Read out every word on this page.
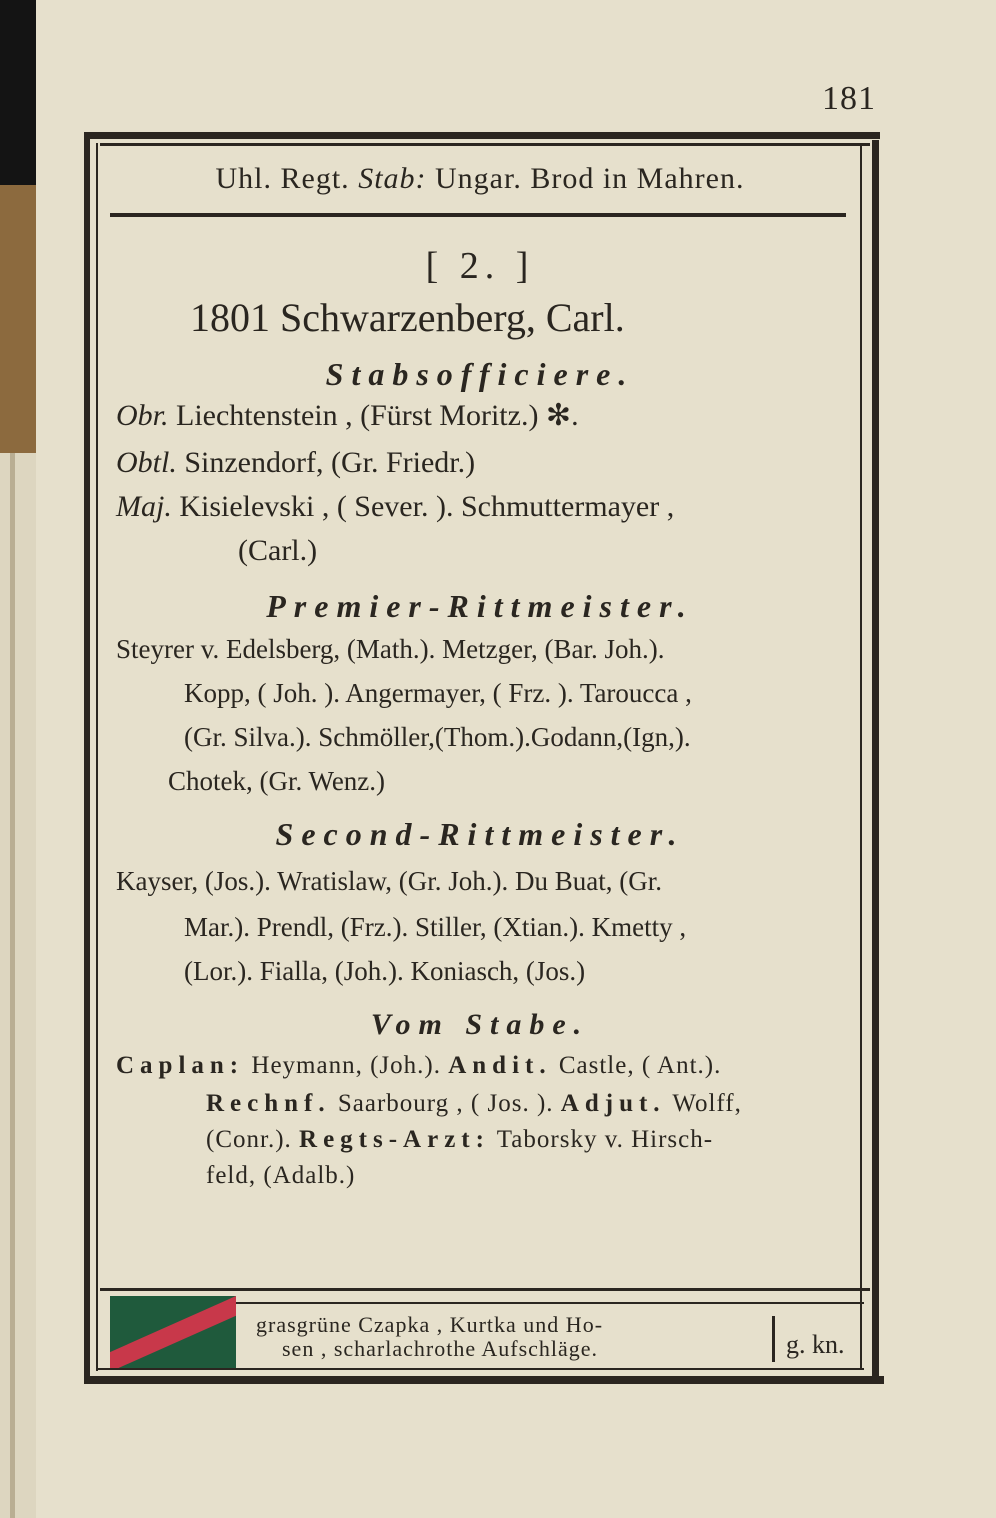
181
Uhl. Regt. Stab: Ungar. Brod in Mahren.
[ 2. ]
1801 Schwarzenberg, Carl.
Stabsofficiere.
Obr. Liechtenstein , (Fürst Moritz.) ✻.
Obtl. Sinzendorf, (Gr. Friedr.)
Maj. Kisielevski , ( Sever. ). Schmuttermayer ,
(Carl.)
Premier-Rittmeister.
Steyrer v. Edelsberg, (Math.). Metzger, (Bar. Joh.).
Kopp, ( Joh. ). Angermayer, ( Frz. ). Taroucca ,
(Gr. Silva.). Schmöller,(Thom.).Godann,(Ign,).
Chotek, (Gr. Wenz.)
Second-Rittmeister.
Kayser, (Jos.). Wratislaw, (Gr. Joh.). Du Buat, (Gr.
Mar.). Prendl, (Frz.). Stiller, (Xtian.). Kmetty ,
(Lor.). Fialla, (Joh.). Koniasch, (Jos.)
Vom Stabe.
Caplan: Heymann, (Joh.). Andit. Castle, ( Ant.).
Rechnf. Saarbourg , ( Jos. ). Adjut. Wolff,
(Conr.). Regts-Arzt: Taborsky v. Hirsch-
feld, (Adalb.)
grasgrüne Czapka , Kurtka und Ho-
sen , scharlachrothe Aufschläge.	g. kn.
